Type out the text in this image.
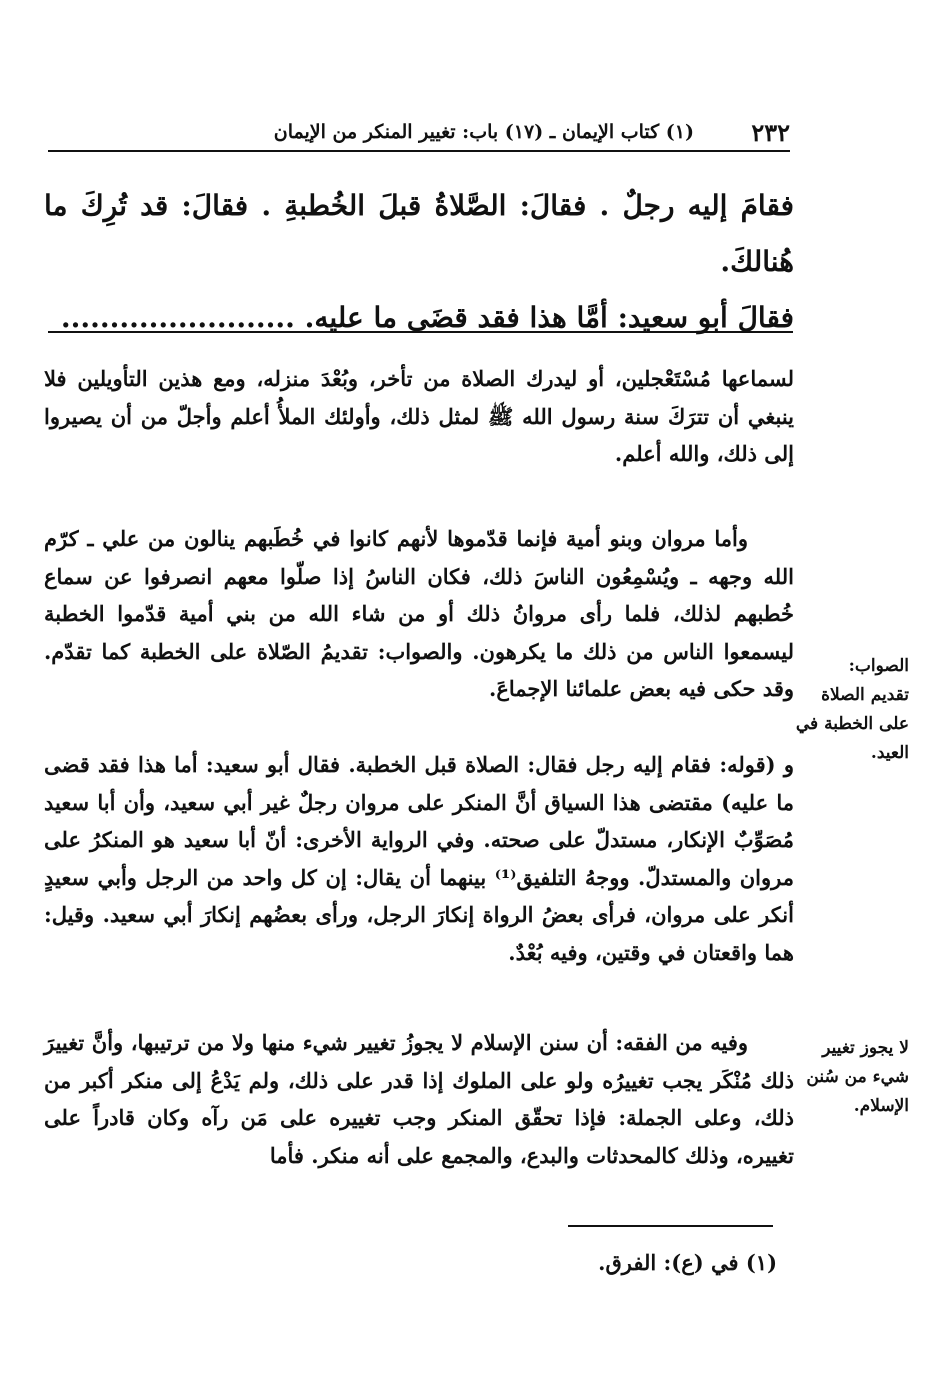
٢٣٢
(١) كتاب الإيمان ـ (١٧) باب: تغيير المنكر من الإيمان
فقامَ إليه رجلٌ . فقالَ: الصَّلاةُ قبلَ الخُطبةِ . فقالَ: قد تُرِكَ ما هُنالكَ.
فقالَ أبو سعيد: أمَّا هذا فقد قضَى ما عليه. ........................

لسماعها مُسْتَعْجلين، أو ليدرك الصلاة من تأخر، وبُعْدَ منزله، ومع هذين التأويلين فلا ينبغي أن تترَكَ سنة رسول الله ﷺ لمثل ذلك، وأولئك الملأُ أعلم وأجلّ من أن يصيروا إلى ذلك، والله أعلم.

وأما مروان وبنو أمية فإنما قدّموها لأنهم كانوا في خُطَبهم ينالون من علي ـ كرّم الله وجهه ـ ويُسْمِعُون الناسَ ذلك، فكان الناسُ إذا صلّوا معهم انصرفوا عن سماع خُطبهم لذلك، فلما رأى مروانُ ذلك أو من شاء الله من بني أمية قدّموا الخطبة ليسمعوا الناس من ذلك ما يكرهون. والصواب: تقديمُ الصّلاة على الخطبة كما تقدّم. وقد حكى فيه بعض علمائنا الإجماعَ.

و (قوله: فقام إليه رجل فقال: الصلاة قبل الخطبة. فقال أبو سعيد: أما هذا فقد قضى ما عليه) مقتضى هذا السياق أنَّ المنكر على مروان رجلٌ غير أبي سعيد، وأن أبا سعيد مُصَوِّبٌ الإنكار، مستدلّ على صحته. وفي الرواية الأخرى: أنّ أبا سعيد هو المنكرُ على مروان والمستدلّ. ووجهُ التلفيق⁽¹⁾ بينهما أن يقال: إن كل واحد من الرجل وأبي سعيدٍ أنكر على مروان، فرأى بعضُ الرواة إنكارَ الرجل، ورأى بعضُهم إنكارَ أبي سعيد. وقيل: هما واقعتان في وقتين، وفيه بُعْدٌ.

وفيه من الفقه: أن سنن الإسلام لا يجوزُ تغيير شيء منها ولا من ترتيبها، وأنَّ تغييرَ ذلك مُنْكَر يجب تغييرُه ولو على الملوك إذا قدر على ذلك، ولم يَدْعُ إلى منكر أكبر من ذلك، وعلى الجملة: فإذا تحقّق المنكر وجب تغييره على مَن رآه وكان قادراً على تغييره، وذلك كالمحدثات والبدع، والمجمع على أنه منكر. فأما

الصواب:
تقديم الصلاة على الخطبة في العيد.
لا يجوز تغيير شيء من سُنن الإسلام.
(١) في (ع): الفرق.
